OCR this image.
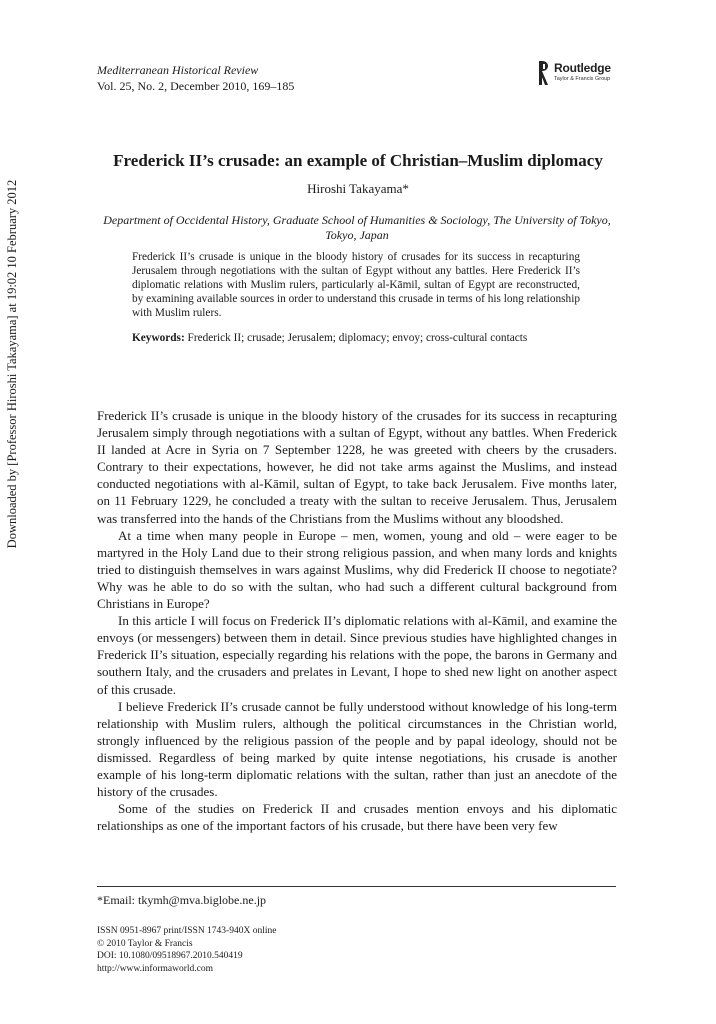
Downloaded by [Professor Hiroshi Takayama] at 19:02 10 February 2012
Mediterranean Historical Review
Vol. 25, No. 2, December 2010, 169–185
Routledge
Taylor & Francis Group
Frederick II’s crusade: an example of Christian–Muslim diplomacy
Hiroshi Takayama*
Department of Occidental History, Graduate School of Humanities & Sociology, The University of Tokyo, Tokyo, Japan
Frederick II’s crusade is unique in the bloody history of crusades for its success in recapturing Jerusalem through negotiations with the sultan of Egypt without any battles. Here Frederick II’s diplomatic relations with Muslim rulers, particularly al-Kāmil, sultan of Egypt are reconstructed, by examining available sources in order to understand this crusade in terms of his long relationship with Muslim rulers.
Keywords: Frederick II; crusade; Jerusalem; diplomacy; envoy; cross-cultural contacts

Frederick II’s crusade is unique in the bloody history of the crusades for its success in recapturing Jerusalem simply through negotiations with a sultan of Egypt, without any battles. When Frederick II landed at Acre in Syria on 7 September 1228, he was greeted with cheers by the crusaders. Contrary to their expectations, however, he did not take arms against the Muslims, and instead conducted negotiations with al-Kāmil, sultan of Egypt, to take back Jerusalem. Five months later, on 11 February 1229, he concluded a treaty with the sultan to receive Jerusalem. Thus, Jerusalem was transferred into the hands of the Christians from the Muslims without any bloodshed.

At a time when many people in Europe – men, women, young and old – were eager to be martyred in the Holy Land due to their strong religious passion, and when many lords and knights tried to distinguish themselves in wars against Muslims, why did Frederick II choose to negotiate? Why was he able to do so with the sultan, who had such a different cultural background from Christians in Europe?

In this article I will focus on Frederick II’s diplomatic relations with al-Kāmil, and examine the envoys (or messengers) between them in detail. Since previous studies have highlighted changes in Frederick II’s situation, especially regarding his relations with the pope, the barons in Germany and southern Italy, and the crusaders and prelates in Levant, I hope to shed new light on another aspect of this crusade.

I believe Frederick II’s crusade cannot be fully understood without knowledge of his long-term relationship with Muslim rulers, although the political circumstances in the Christian world, strongly influenced by the religious passion of the people and by papal ideology, should not be dismissed. Regardless of being marked by quite intense negotiations, his crusade is another example of his long-term diplomatic relations with the sultan, rather than just an anecdote of the history of the crusades.

Some of the studies on Frederick II and crusades mention envoys and his diplomatic relationships as one of the important factors of his crusade, but there have been very few

*Email: tkymh@mva.biglobe.ne.jp
ISSN 0951-8967 print/ISSN 1743-940X online
© 2010 Taylor & Francis
DOI: 10.1080/09518967.2010.540419
http://www.informaworld.com
